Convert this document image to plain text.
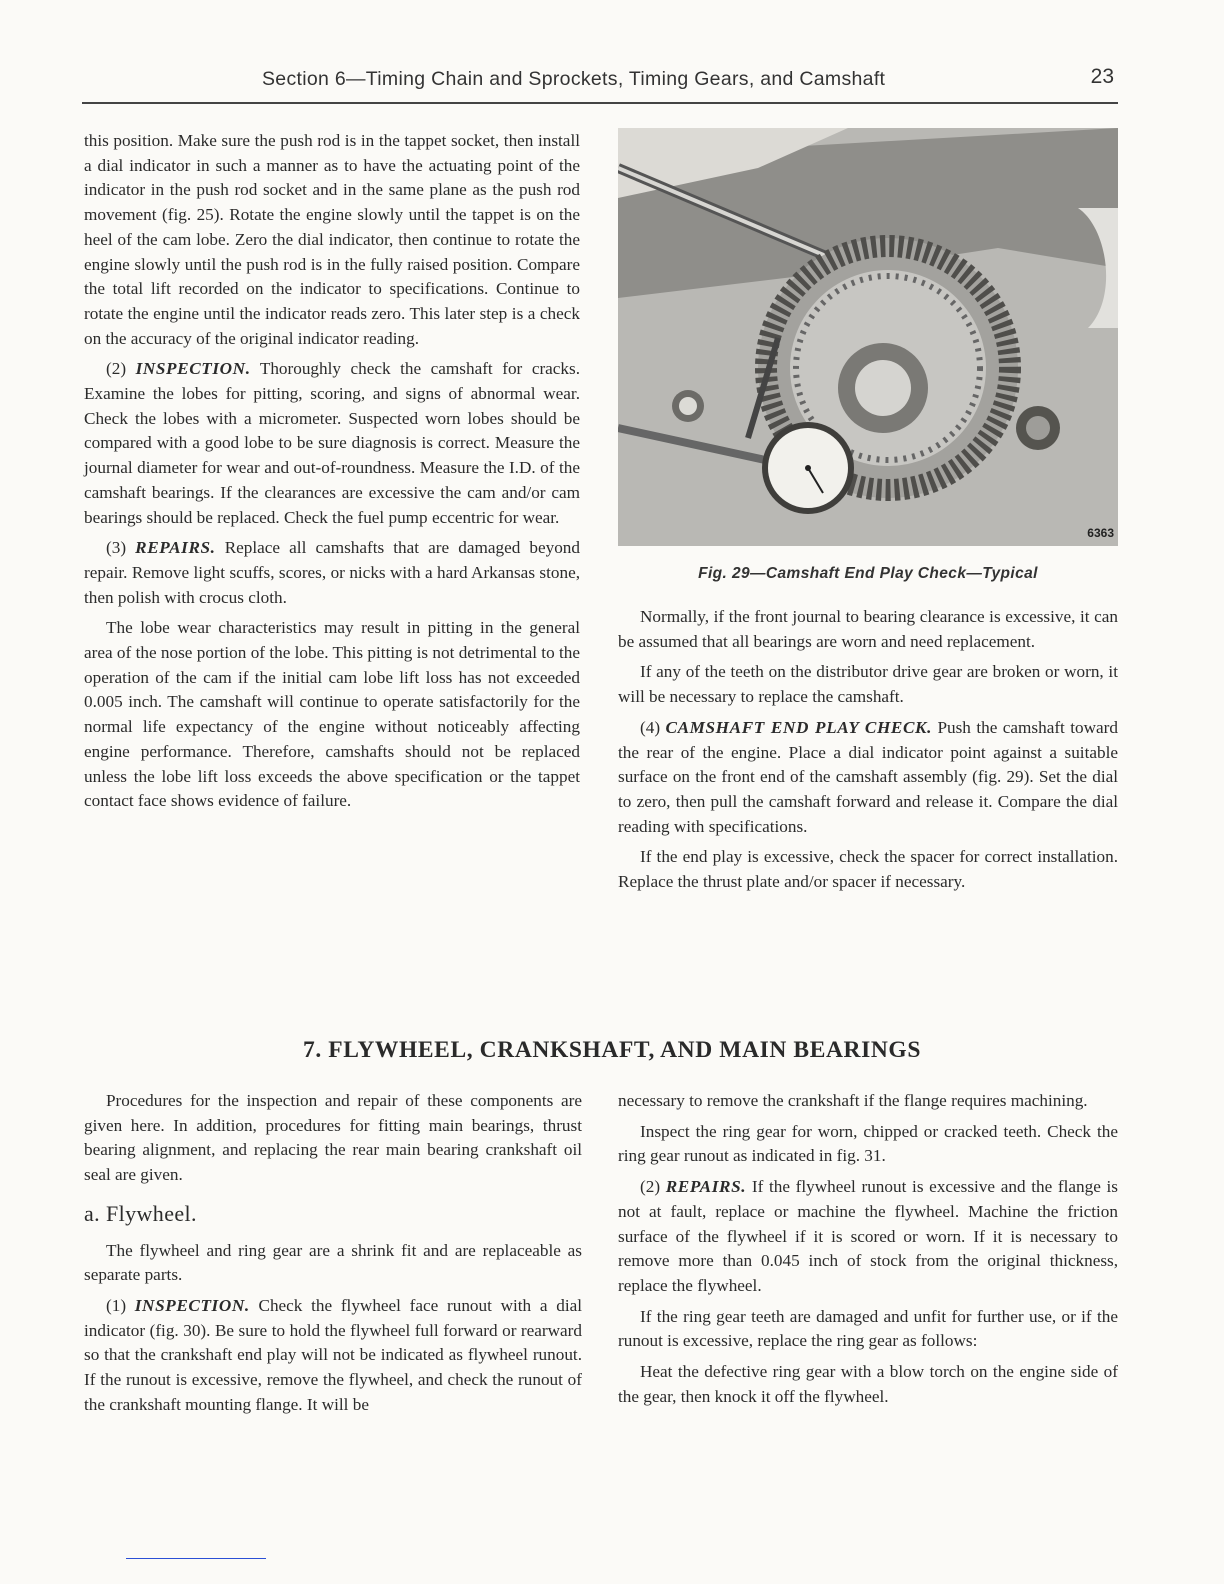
Section 6—Timing Chain and Sprockets, Timing Gears, and Camshaft	23

this position. Make sure the push rod is in the tappet socket, then install a dial indicator in such a manner as to have the actuating point of the indicator in the push rod socket and in the same plane as the push rod movement (fig. 25). Rotate the engine slowly until the tappet is on the heel of the cam lobe. Zero the dial indicator, then continue to rotate the engine slowly until the push rod is in the fully raised position. Compare the total lift recorded on the indicator to specifications. Continue to rotate the engine until the indicator reads zero. This later step is a check on the accuracy of the original indicator reading.

(2) INSPECTION. Thoroughly check the camshaft for cracks. Examine the lobes for pitting, scoring, and signs of abnormal wear. Check the lobes with a micrometer. Suspected worn lobes should be compared with a good lobe to be sure diagnosis is correct. Measure the journal diameter for wear and out-of-roundness. Measure the I.D. of the camshaft bearings. If the clearances are excessive the cam and/or cam bearings should be replaced. Check the fuel pump eccentric for wear.

(3) REPAIRS. Replace all camshafts that are damaged beyond repair. Remove light scuffs, scores, or nicks with a hard Arkansas stone, then polish with crocus cloth.

The lobe wear characteristics may result in pitting in the general area of the nose portion of the lobe. This pitting is not detrimental to the operation of the cam if the initial cam lobe lift loss has not exceeded 0.005 inch. The camshaft will continue to operate satisfactorily for the normal life expectancy of the engine without noticeably affecting engine performance. Therefore, camshafts should not be replaced unless the lobe lift loss exceeds the above specification or the tappet contact face shows evidence of failure.

6363
Fig. 29—Camshaft End Play Check—Typical

Normally, if the front journal to bearing clearance is excessive, it can be assumed that all bearings are worn and need replacement.

If any of the teeth on the distributor drive gear are broken or worn, it will be necessary to replace the camshaft.

(4) CAMSHAFT END PLAY CHECK. Push the camshaft toward the rear of the engine. Place a dial indicator point against a suitable surface on the front end of the camshaft assembly (fig. 29). Set the dial to zero, then pull the camshaft forward and release it. Compare the dial reading with specifications.

If the end play is excessive, check the spacer for correct installation. Replace the thrust plate and/or spacer if necessary.

7. FLYWHEEL, CRANKSHAFT, AND MAIN BEARINGS

Procedures for the inspection and repair of these components are given here. In addition, procedures for fitting main bearings, thrust bearing alignment, and replacing the rear main bearing crankshaft oil seal are given.

a. Flywheel.

The flywheel and ring gear are a shrink fit and are replaceable as separate parts.

(1) INSPECTION. Check the flywheel face runout with a dial indicator (fig. 30). Be sure to hold the flywheel full forward or rearward so that the crankshaft end play will not be indicated as flywheel runout. If the runout is excessive, remove the flywheel, and check the runout of the crankshaft mounting flange. It will be

necessary to remove the crankshaft if the flange requires machining.

Inspect the ring gear for worn, chipped or cracked teeth. Check the ring gear runout as indicated in fig. 31.

(2) REPAIRS. If the flywheel runout is excessive and the flange is not at fault, replace or machine the flywheel. Machine the friction surface of the flywheel if it is scored or worn. If it is necessary to remove more than 0.045 inch of stock from the original thickness, replace the flywheel.

If the ring gear teeth are damaged and unfit for further use, or if the runout is excessive, replace the ring gear as follows:

Heat the defective ring gear with a blow torch on the engine side of the gear, then knock it off the flywheel.
